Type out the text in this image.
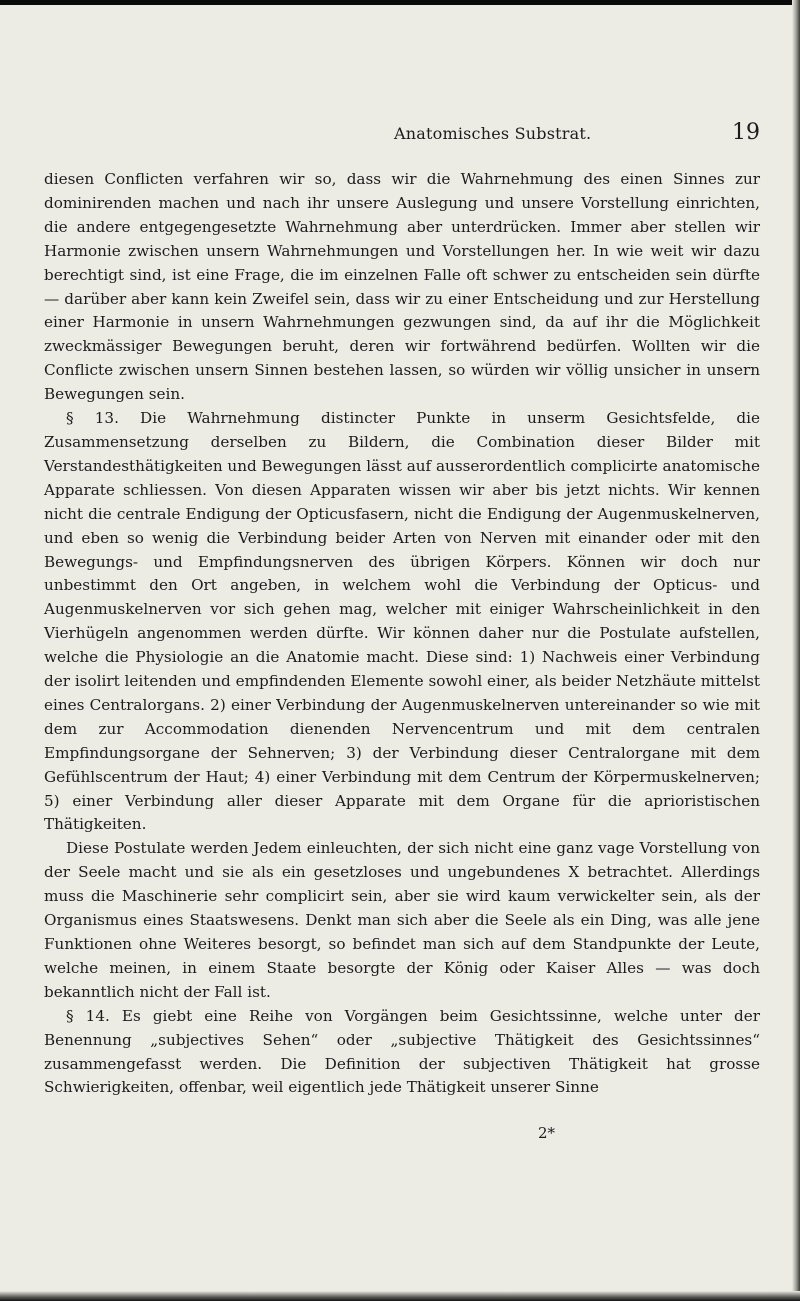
Anatomisches Substrat.	19

diesen Conflicten verfahren wir so, dass wir die Wahrnehmung des einen Sinnes zur dominirenden machen und nach ihr unsere Auslegung und unsere Vorstellung einrichten, die andere entgegengesetzte Wahrnehmung aber unterdrücken. Immer aber stellen wir Harmonie zwischen unsern Wahrnehmungen und Vorstellungen her. In wie weit wir dazu berechtigt sind, ist eine Frage, die im einzelnen Falle oft schwer zu entscheiden sein dürfte — darüber aber kann kein Zweifel sein, dass wir zu einer Entscheidung und zur Herstellung einer Harmonie in unsern Wahrnehmungen gezwungen sind, da auf ihr die Möglichkeit zweckmässiger Bewegungen beruht, deren wir fortwährend bedürfen. Wollten wir die Conflicte zwischen unsern Sinnen bestehen lassen, so würden wir völlig unsicher in unsern Bewegungen sein.

§ 13. Die Wahrnehmung distincter Punkte in unserm Gesichtsfelde, die Zusammensetzung derselben zu Bildern, die Combination dieser Bilder mit Verstandesthätigkeiten und Bewegungen lässt auf ausserordentlich complicirte anatomische Apparate schliessen. Von diesen Apparaten wissen wir aber bis jetzt nichts. Wir kennen nicht die centrale Endigung der Opticusfasern, nicht die Endigung der Augenmuskelnerven, und eben so wenig die Verbindung beider Arten von Nerven mit einander oder mit den Bewegungs- und Empfindungsnerven des übrigen Körpers. Können wir doch nur unbestimmt den Ort angeben, in welchem wohl die Verbindung der Opticus- und Augenmuskelnerven vor sich gehen mag, welcher mit einiger Wahrscheinlichkeit in den Vierhügeln angenommen werden dürfte. Wir können daher nur die Postulate aufstellen, welche die Physiologie an die Anatomie macht. Diese sind: 1) Nachweis einer Verbindung der isolirt leitenden und empfindenden Elemente sowohl einer, als beider Netzhäute mittelst eines Centralorgans. 2) einer Verbindung der Augenmuskelnerven untereinander so wie mit dem zur Accommodation dienenden Nervencentrum und mit dem centralen Empfindungsorgane der Sehnerven; 3) der Verbindung dieser Centralorgane mit dem Gefühlscentrum der Haut; 4) einer Verbindung mit dem Centrum der Körpermuskelnerven; 5) einer Verbindung aller dieser Apparate mit dem Organe für die aprioristischen Thätigkeiten.

Diese Postulate werden Jedem einleuchten, der sich nicht eine ganz vage Vorstellung von der Seele macht und sie als ein gesetzloses und ungebundenes X betrachtet. Allerdings muss die Maschinerie sehr complicirt sein, aber sie wird kaum verwickelter sein, als der Organismus eines Staatswesens. Denkt man sich aber die Seele als ein Ding, was alle jene Funktionen ohne Weiteres besorgt, so befindet man sich auf dem Standpunkte der Leute, welche meinen, in einem Staate besorgte der König oder Kaiser Alles — was doch bekanntlich nicht der Fall ist.

§ 14. Es giebt eine Reihe von Vorgängen beim Gesichtssinne, welche unter der Benennung „subjectives Sehen“ oder „subjective Thätigkeit des Gesichtssinnes“ zusammengefasst werden. Die Definition der subjectiven Thätigkeit hat grosse Schwierigkeiten, offenbar, weil eigentlich jede Thätigkeit unserer Sinne

2*
